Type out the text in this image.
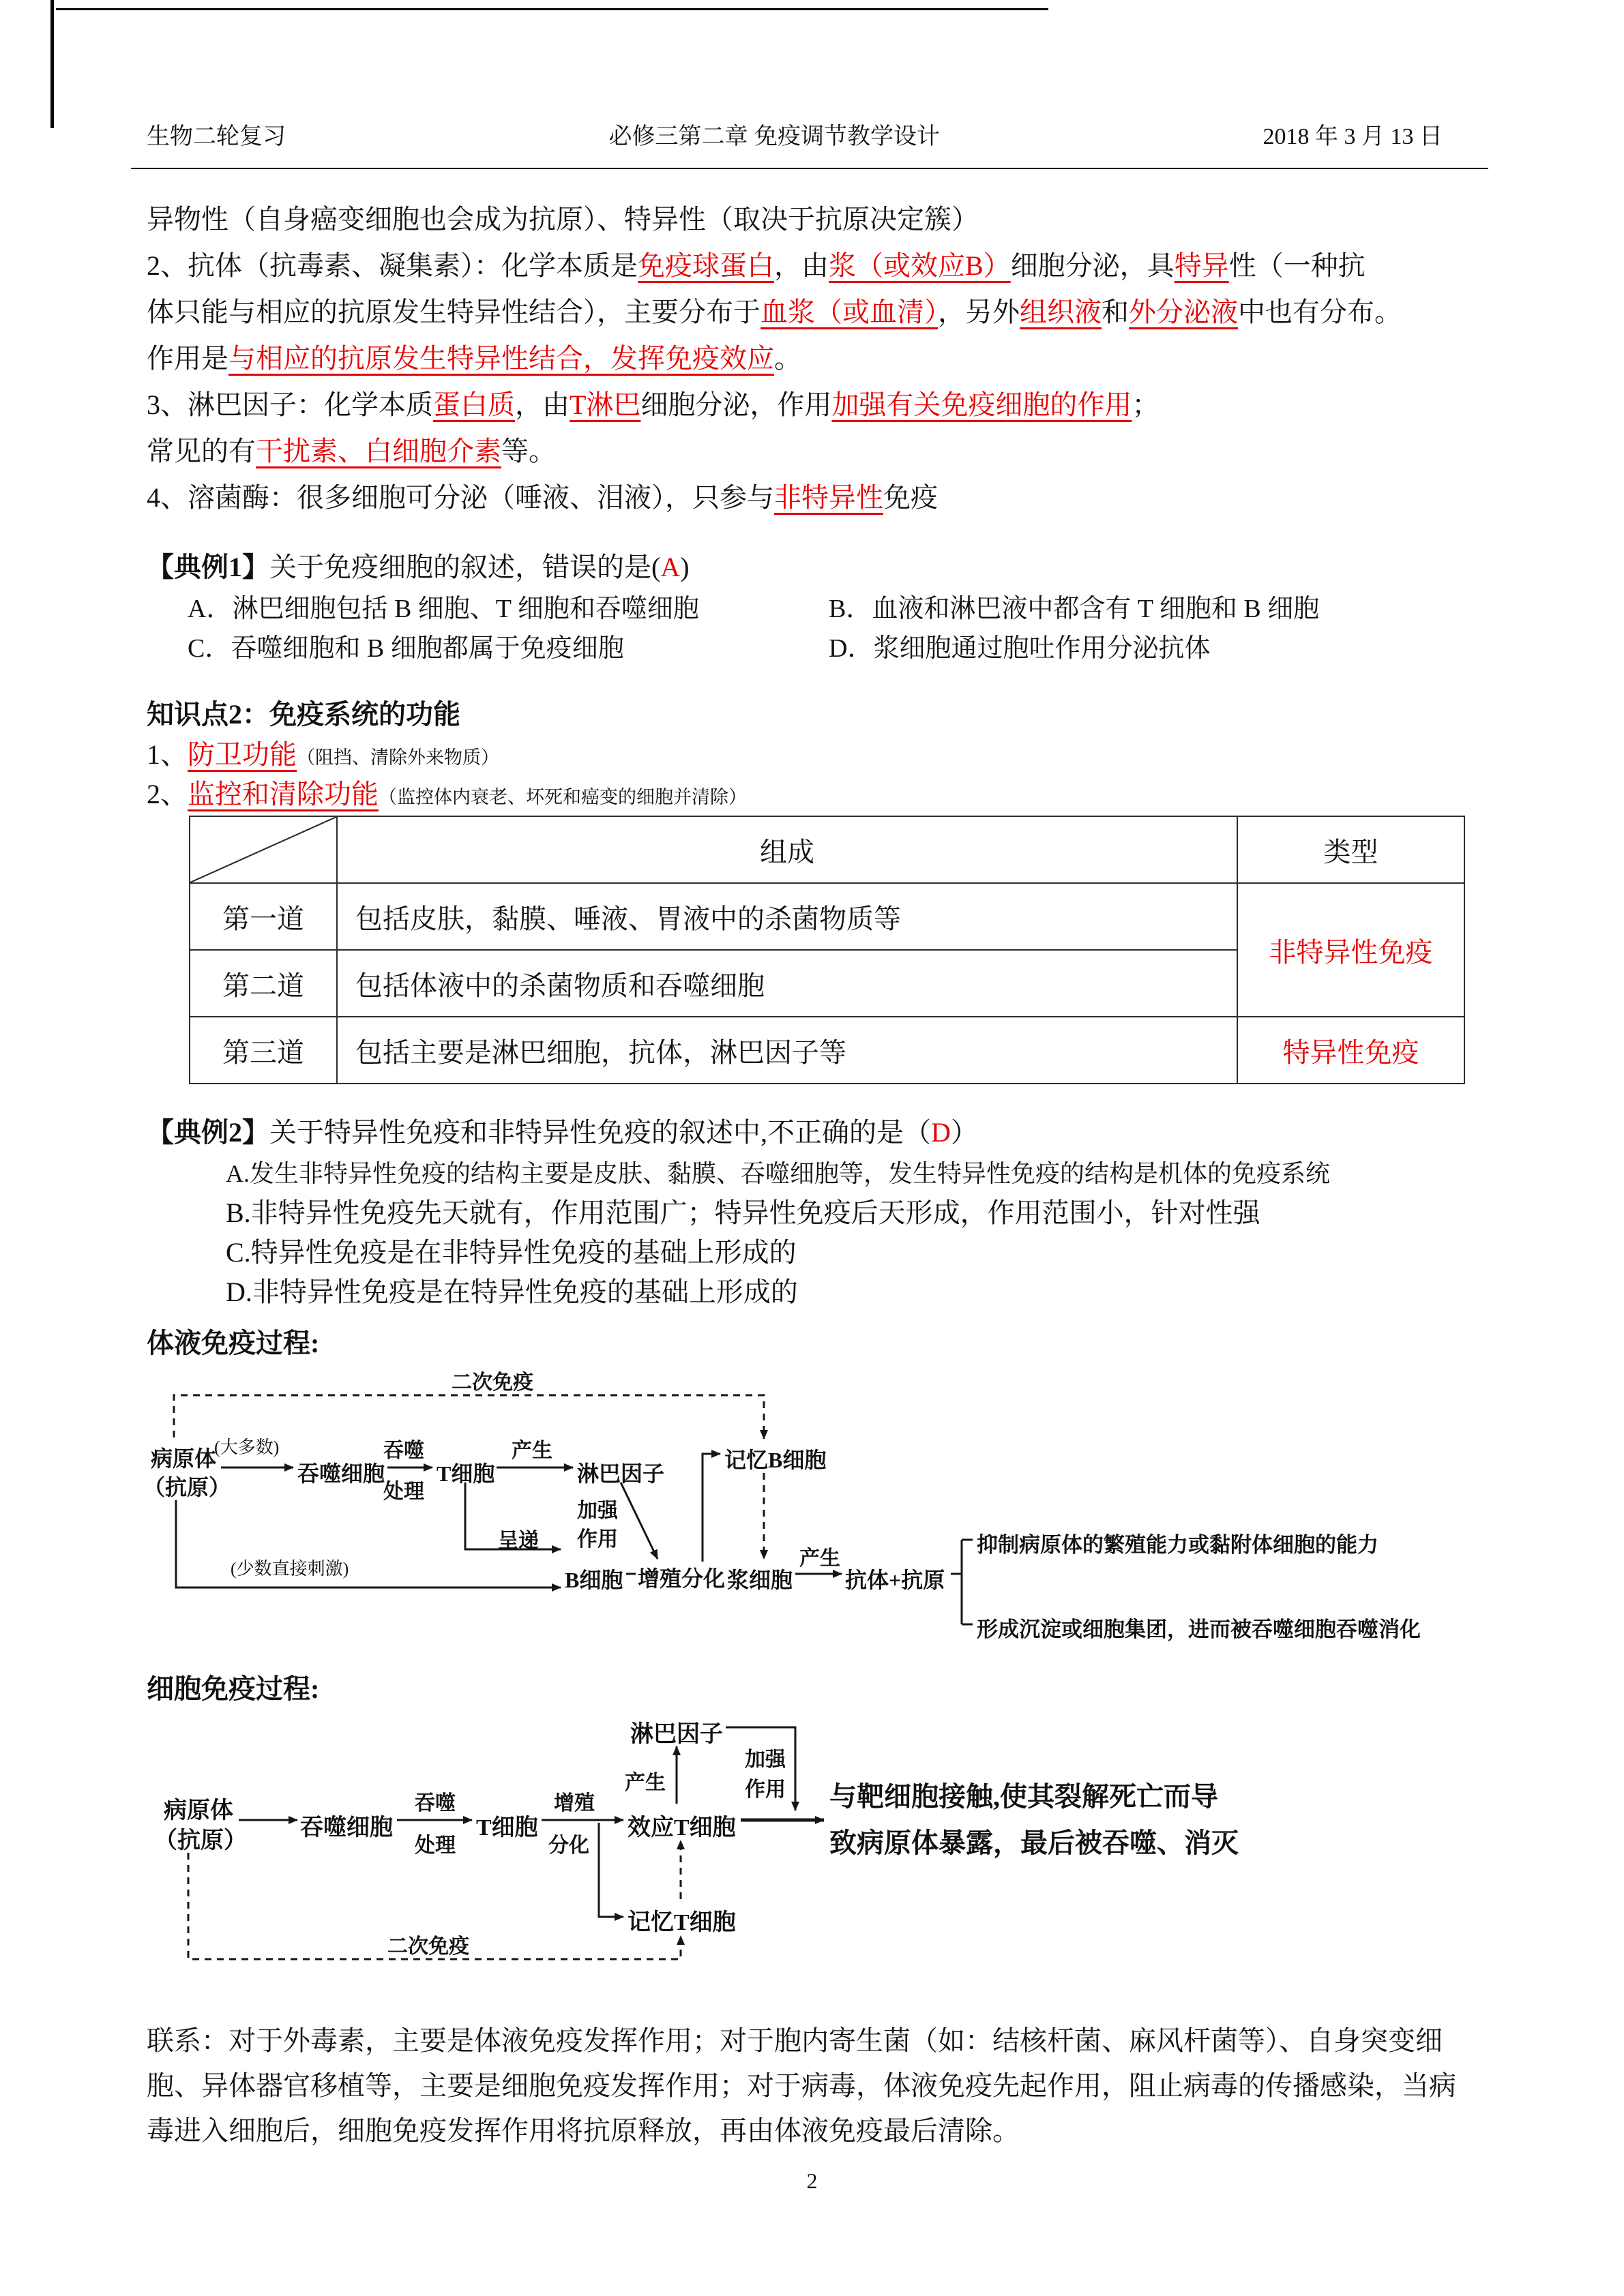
生物二轮复习	必修三第二章 免疫调节教学设计	2018 年 3 月 13 日
异物性（自身癌变细胞也会成为抗原）、特异性（取决于抗原决定簇）
2、抗体（抗毒素、凝集素）：化学本质是免疫球蛋白，由浆（或效应B）细胞分泌，具特异性（一种抗
体只能与相应的抗原发生特异性结合），主要分布于血浆（或血清），另外组织液和外分泌液中也有分布。
作用是与相应的抗原发生特异性结合，发挥免疫效应。
3、淋巴因子：化学本质蛋白质，由T淋巴细胞分泌，作用加强有关免疫细胞的作用；
常见的有干扰素、白细胞介素等。
4、溶菌酶：很多细胞可分泌（唾液、泪液），只参与非特异性免疫
【典例1】关于免疫细胞的叙述，错误的是(A)
A．淋巴细胞包括 B 细胞、T 细胞和吞噬细胞	B．血液和淋巴液中都含有 T 细胞和 B 细胞
C．吞噬细胞和 B 细胞都属于免疫细胞	D．浆细胞通过胞吐作用分泌抗体
知识点2：免疫系统的功能
1、防卫功能（阻挡、清除外来物质）
2、监控和清除功能（监控体内衰老、坏死和癌变的细胞并清除）
	组成	类型
第一道	包括皮肤，黏膜、唾液、胃液中的杀菌物质等	非特异性免疫
第二道	包括体液中的杀菌物质和吞噬细胞	
第三道	包括主要是淋巴细胞，抗体，淋巴因子等	特异性免疫
【典例2】关于特异性免疫和非特异性免疫的叙述中,不正确的是（D）
A.发生非特异性免疫的结构主要是皮肤、黏膜、吞噬细胞等，发生特异性免疫的结构是机体的免疫系统
B.非特异性免疫先天就有，作用范围广；特异性免疫后天形成，作用范围小，针对性强
C.特异性免疫是在非特异性免疫的基础上形成的
D.非特异性免疫是在特异性免疫的基础上形成的
体液免疫过程:
二次免疫
病原体
（抗原）
(大多数)
吞噬细胞
吞噬
处理
T细胞
产生
淋巴因子
记忆B细胞
加强
作用
呈递
(少数直接刺激)	B细胞 增殖分化 浆细胞
产生
抗体+抗原
抑制病原体的繁殖能力或黏附体细胞的能力
形成沉淀或细胞集团，进而被吞噬细胞吞噬消化
细胞免疫过程:
淋巴因子
加强
作用
产生
病原体
（抗原）
吞噬细胞
吞噬
处理
T细胞
增殖
分化
效应T细胞
记忆T细胞
二次免疫
与靶细胞接触,使其裂解死亡而导
致病原体暴露，最后被吞噬、消灭
联系：对于外毒素，主要是体液免疫发挥作用；对于胞内寄生菌（如：结核杆菌、麻风杆菌等）、自身突变细胞、异体器官移植等，主要是细胞免疫发挥作用；对于病毒，体液免疫先起作用，阻止病毒的传播感染，当病毒进入细胞后，细胞免疫发挥作用将抗原释放，再由体液免疫最后清除。
2
